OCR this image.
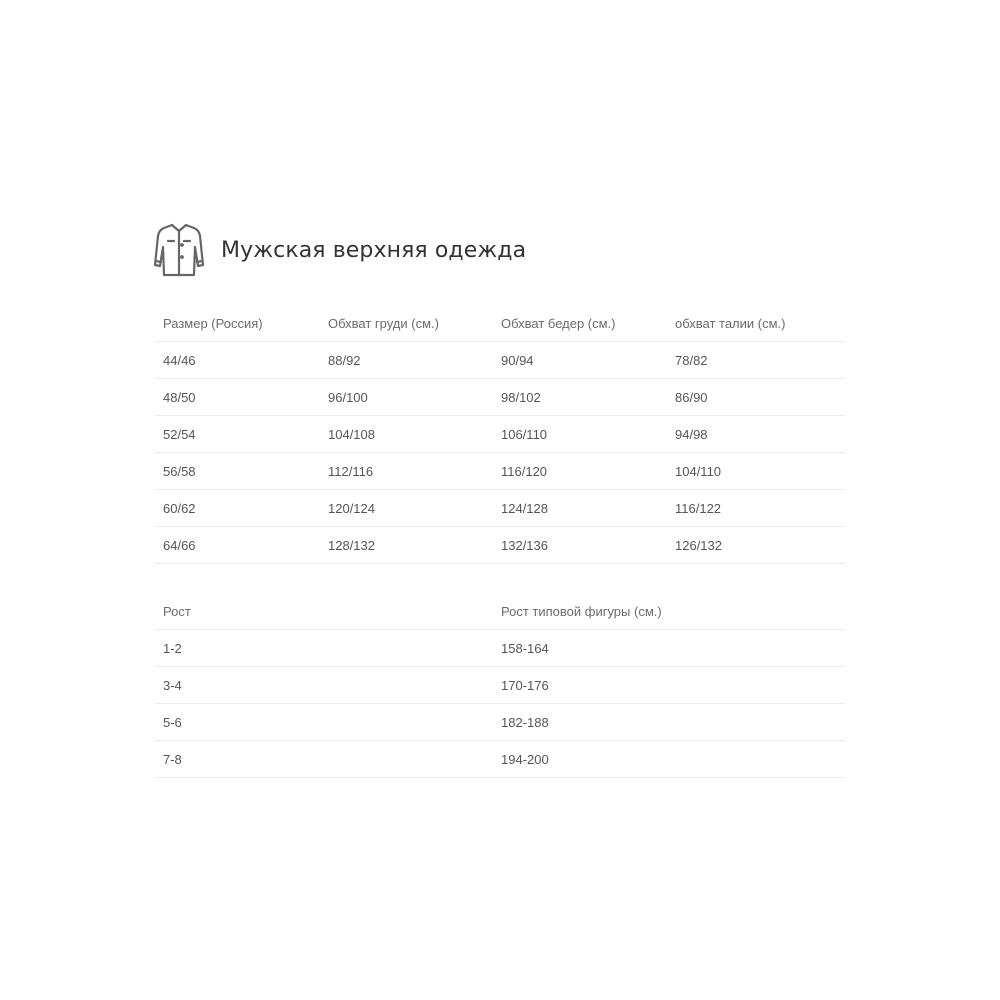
Мужская верхняя одежда
Размер (Россия)	Обхват груди (см.)	Обхват бедер (см.)	обхват талии (см.)
44/46	88/92	90/94	78/82
48/50	96/100	98/102	86/90
52/54	104/108	106/110	94/98
56/58	112/116	116/120	104/110
60/62	120/124	124/128	116/122
64/66	128/132	132/136	126/132
Рост	Рост типовой фигуры (см.)
1-2	158-164
3-4	170-176
5-6	182-188
7-8	194-200
